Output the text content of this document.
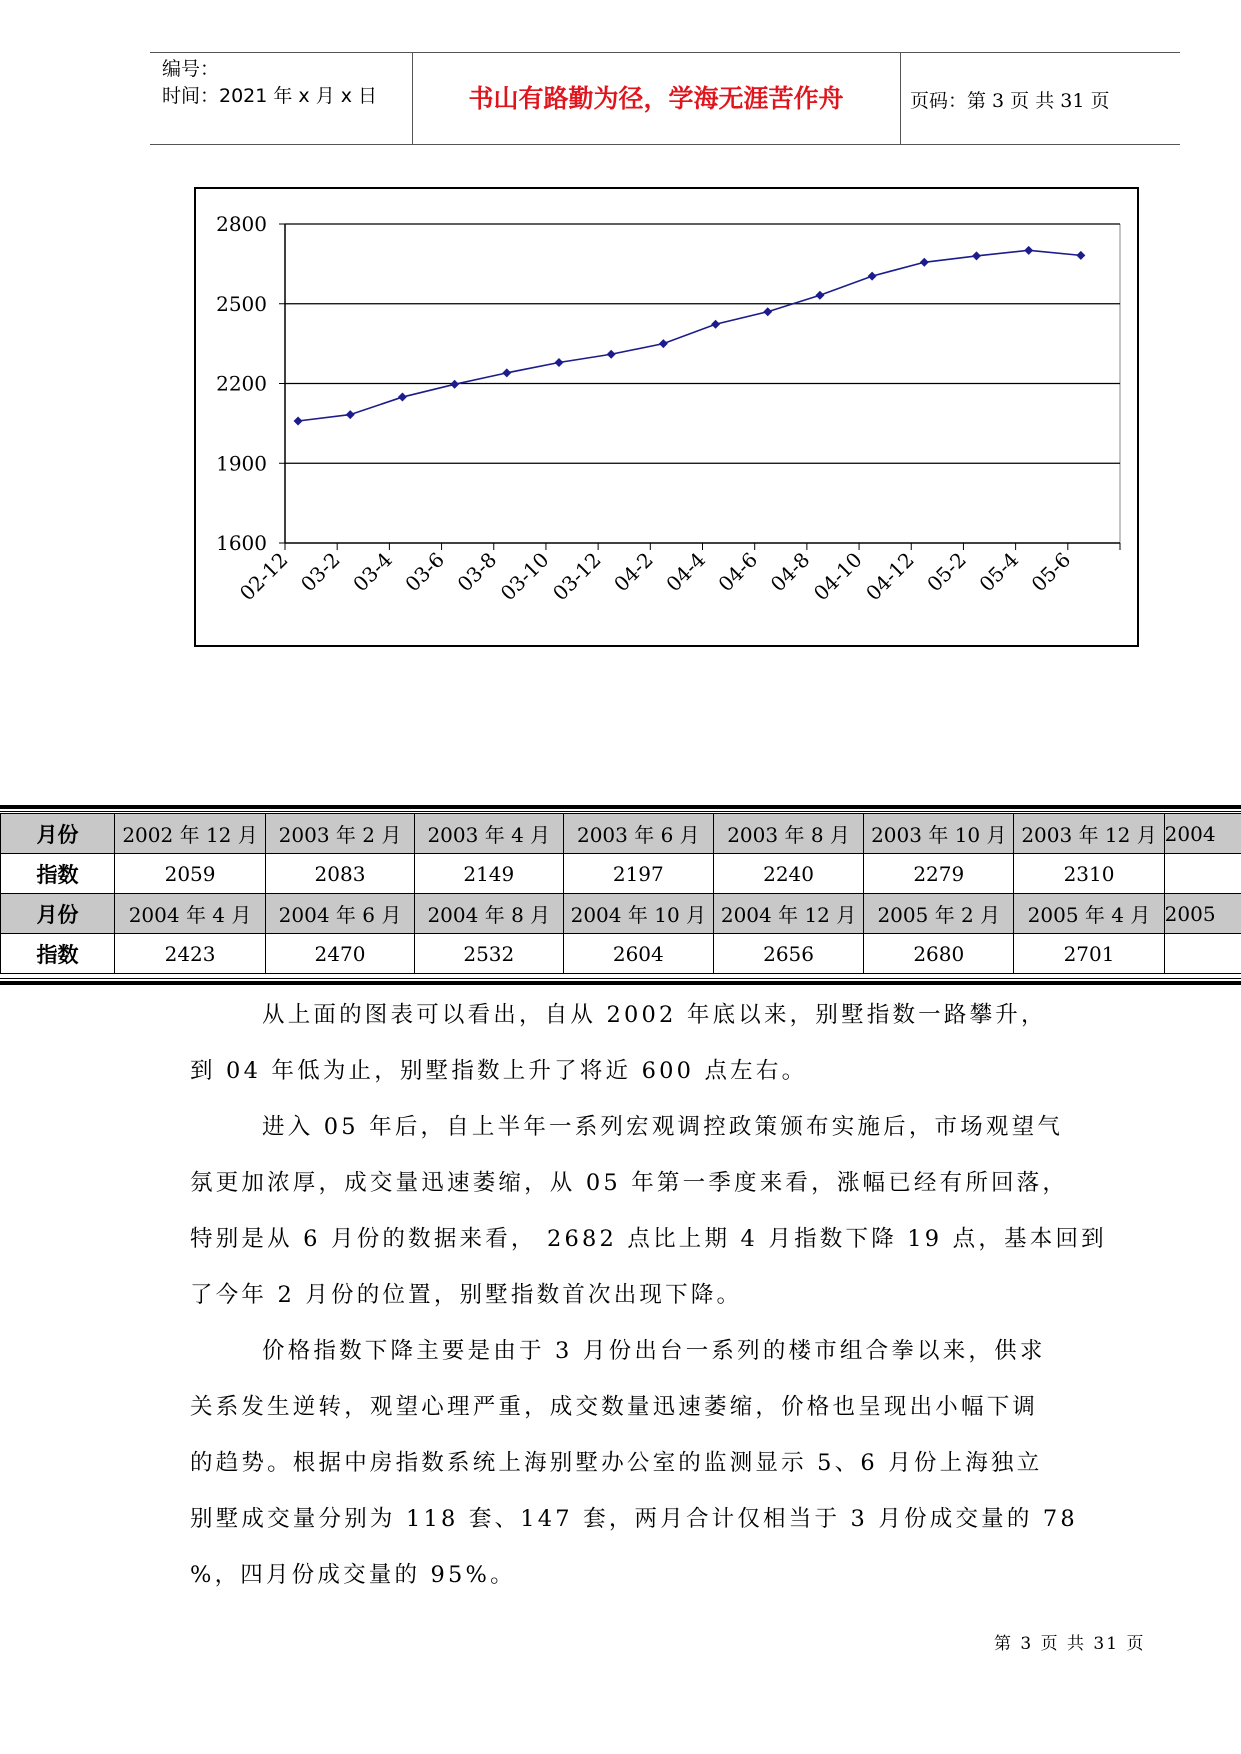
编号：
时间：2021 年 x 月 x 日	书山有路勤为径，学海无涯苦作舟	页码：第 3 页 共 31 页
2800
2500
2200
1900
1600
02-12 03-2 03-4 03-6 03-8
03-10
03-12 04-2 04-4 04-6 04-8
04-10
04-12 05-2 05-4 05-6
月份	2002 年 12 月	2003 年 2 月	2003 年 4 月	2003 年 6 月	2003 年 8 月	2003 年 10 月	2003 年 12 月	2004
指数	2059	2083	2149	2197	2240	2279	2310	
月份	2004 年 4 月	2004 年 6 月	2004 年 8 月	2004 年 10 月	2004 年 12 月	2005 年 2 月	2005 年 4 月	2005
指数	2423	2470	2532	2604	2656	2680	2701	
从上面的图表可以看出，自从 2002 年底以来，别墅指数一路攀升，
到 04 年低为止，别墅指数上升了将近 600 点左右。
进入 05 年后，自上半年一系列宏观调控政策颁布实施后，市场观望气
氛更加浓厚，成交量迅速萎缩，从 05 年第一季度来看，涨幅已经有所回落，
特别是从 6 月份的数据来看， 2682 点比上期 4 月指数下降 19 点，基本回到
了今年 2 月份的位置，别墅指数首次出现下降。
价格指数下降主要是由于 3 月份出台一系列的楼市组合拳以来，供求
关系发生逆转，观望心理严重，成交数量迅速萎缩，价格也呈现出小幅下调
的趋势。根据中房指数系统上海别墅办公室的监测显示 5、6 月份上海独立
别墅成交量分别为 118 套、147 套，两月合计仅相当于 3 月份成交量的 78
%，四月份成交量的 95%。
第 3 页 共 31 页
